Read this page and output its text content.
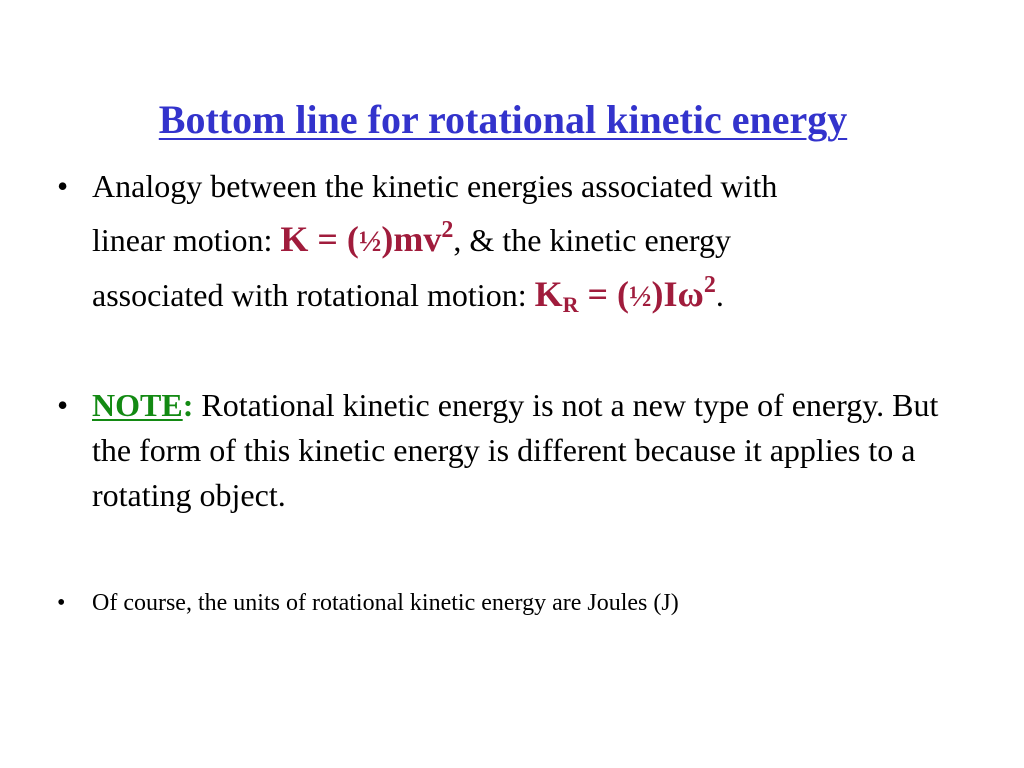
Bottom line for rotational kinetic energy
• Analogy between the kinetic energies associated with
linear motion: $K = (\frac{1}{2})mv^2$, & the kinetic energy
associated with rotational motion: $K_R$ = $(\frac{1}{2})I\omega^2$.
• NOTE: Rotational kinetic energy is not a new type of energy. But the form of this kinetic energy is different because it applies to a rotating object.
•	Of course, the units of rotational kinetic energy are Joules (J)
